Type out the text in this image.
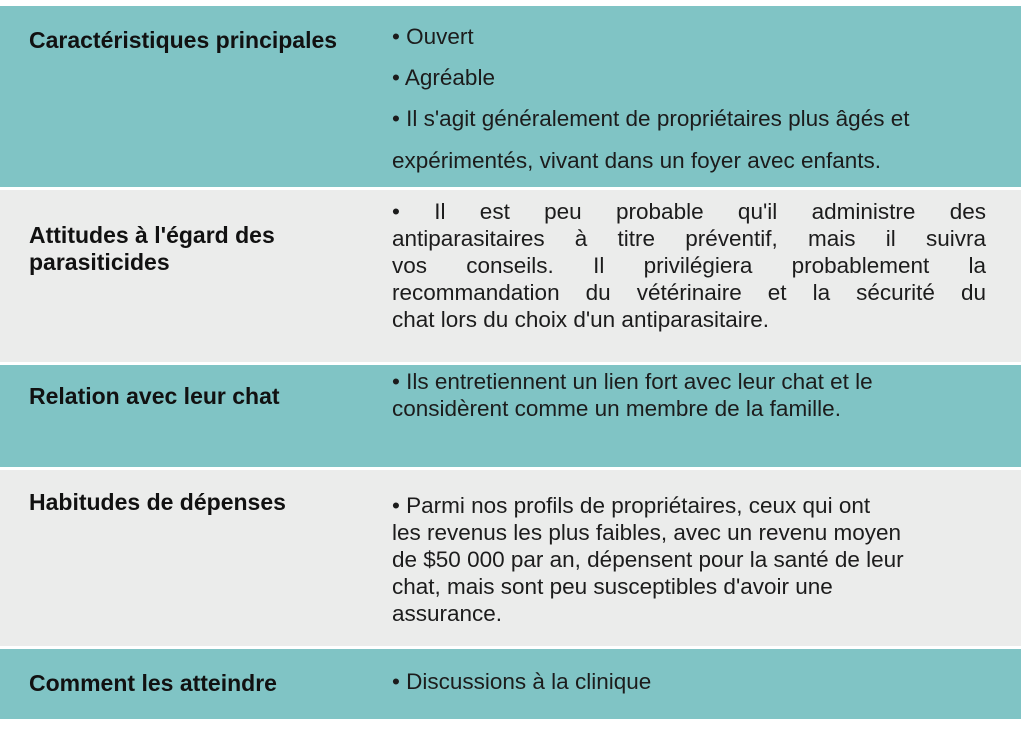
Caractéristiques principales • Ouvert
• Agréable
• Il s'agit généralement de propriétaires plus âgés et
expérimentés, vivant dans un foyer avec enfants.
Attitudes à l'égard des
parasiticides
• Il est peu probable qu'il administre des
antiparasitaires à titre préventif, mais il suivra
vos conseils. Il privilégiera probablement la
recommandation du vétérinaire et la sécurité du
chat lors du choix d'un antiparasitaire.
Relation avec leur chat
• Ils entretiennent un lien fort avec leur chat et le
considèrent comme un membre de la famille.
Habitudes de dépenses	• Parmi nos profils de propriétaires, ceux qui ont
les revenus les plus faibles, avec un revenu moyen
de $50 000 par an, dépensent pour la santé de leur
chat, mais sont peu susceptibles d'avoir une
assurance.
Comment les atteindre	• Discussions à la clinique
